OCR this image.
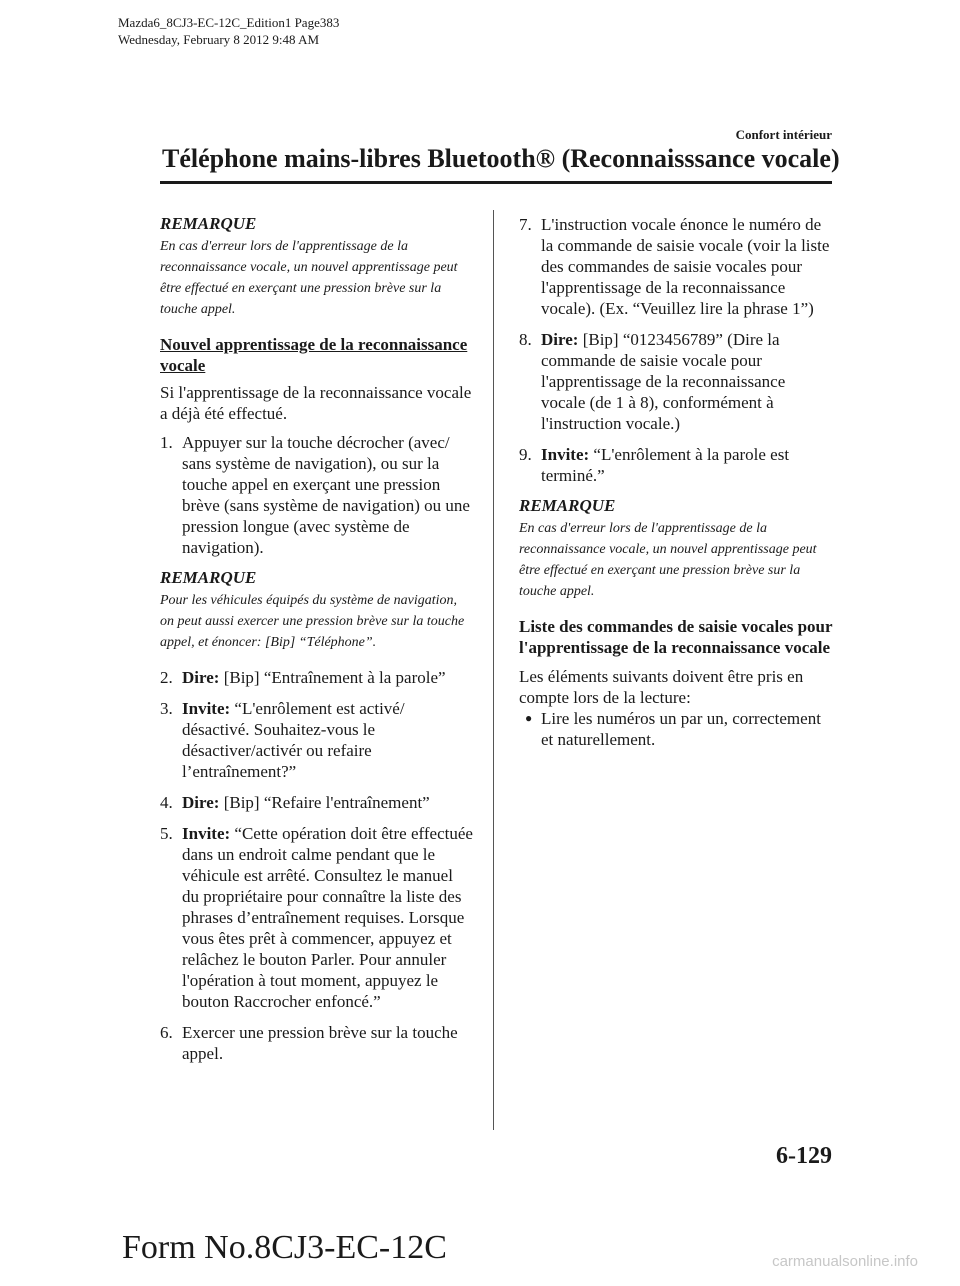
Mazda6_8CJ3-EC-12C_Edition1 Page383
Wednesday, February 8 2012 9:48 AM
Confort intérieur
Téléphone mains-libres Bluetooth® (Reconnaisssance vocale)
REMARQUE
En cas d'erreur lors de l'apprentissage de la reconnaissance vocale, un nouvel apprentissage peut être effectué en exerçant une pression brève sur la touche appel.
Nouvel apprentissage de la reconnaissance vocale
Si l'apprentissage de la reconnaissance vocale a déjà été effectué.
1. Appuyer sur la touche décrocher (avec/ sans système de navigation), ou sur la touche appel en exerçant une pression brève (sans système de navigation) ou une pression longue (avec système de navigation).
REMARQUE
Pour les véhicules équipés du système de navigation, on peut aussi exercer une pression brève sur la touche appel, et énoncer: [Bip] “Téléphone”.
2. Dire: [Bip] “Entraînement à la parole”
3. Invite: “L'enrôlement est activé/ désactivé. Souhaitez-vous le désactiver/activér ou refaire l’entraînement?”
4. Dire: [Bip] “Refaire l'entraînement”
5. Invite: “Cette opération doit être effectuée dans un endroit calme pendant que le véhicule est arrêté. Consultez le manuel du propriétaire pour connaître la liste des phrases d’entraînement requises. Lorsque vous êtes prêt à commencer, appuyez et relâchez le bouton Parler. Pour annuler l'opération à tout moment, appuyez le bouton Raccrocher enfoncé.”
6. Exercer une pression brève sur la touche appel.
7. L'instruction vocale énonce le numéro de la commande de saisie vocale (voir la liste des commandes de saisie vocales pour l'apprentissage de la reconnaissance vocale). (Ex. “Veuillez lire la phrase 1”)
8. Dire: [Bip] “0123456789” (Dire la commande de saisie vocale pour l'apprentissage de la reconnaissance vocale (de 1 à 8), conformément à l'instruction vocale.)
9. Invite: “L'enrôlement à la parole est terminé.”
REMARQUE
En cas d'erreur lors de l'apprentissage de la reconnaissance vocale, un nouvel apprentissage peut être effectué en exerçant une pression brève sur la touche appel.
Liste des commandes de saisie vocales pour l'apprentissage de la reconnaissance vocale
Les éléments suivants doivent être pris en compte lors de la lecture:
● Lire les numéros un par un, correctement et naturellement.
6-129
Form No.8CJ3-EC-12C	carmanualsonline.info
